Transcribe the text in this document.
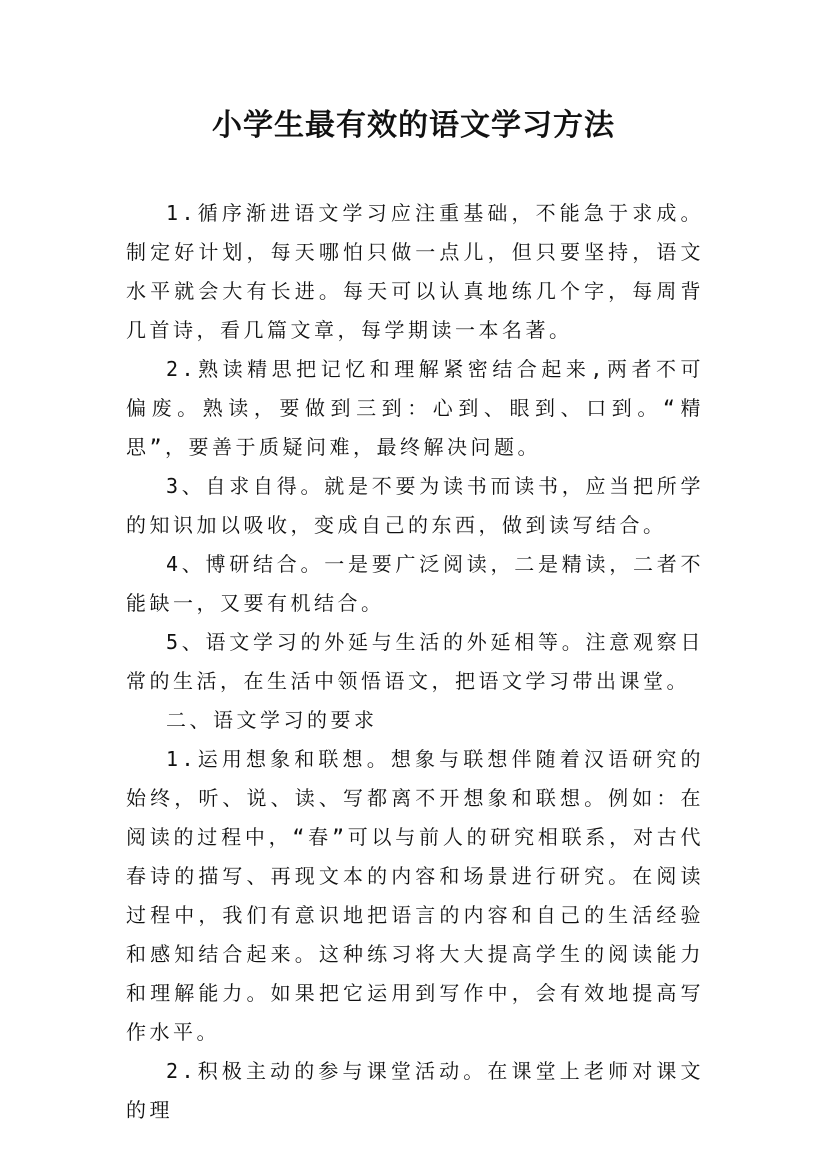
小学生最有效的语文学习方法

1.循序渐进语文学习应注重基础，不能急于求成。制定好计划，每天哪怕只做一点儿，但只要坚持，语文水平就会大有长进。每天可以认真地练几个字，每周背几首诗，看几篇文章，每学期读一本名著。

2.熟读精思把记忆和理解紧密结合起来,两者不可偏废。熟读，要做到三到：心到、眼到、口到。“精思”，要善于质疑问难，最终解决问题。

3、自求自得。就是不要为读书而读书，应当把所学的知识加以吸收，变成自己的东西，做到读写结合。

4、博研结合。一是要广泛阅读，二是精读，二者不能缺一，又要有机结合。

5、语文学习的外延与生活的外延相等。注意观察日常的生活，在生活中领悟语文，把语文学习带出课堂。

二、语文学习的要求

1.运用想象和联想。想象与联想伴随着汉语研究的始终，听、说、读、写都离不开想象和联想。例如：在阅读的过程中，“春”可以与前人的研究相联系，对古代春诗的描写、再现文本的内容和场景进行研究。在阅读过程中，我们有意识地把语言的内容和自己的生活经验和感知结合起来。这种练习将大大提高学生的阅读能力和理解能力。如果把它运用到写作中，会有效地提高写作水平。

2.积极主动的参与课堂活动。在课堂上老师对课文的理
